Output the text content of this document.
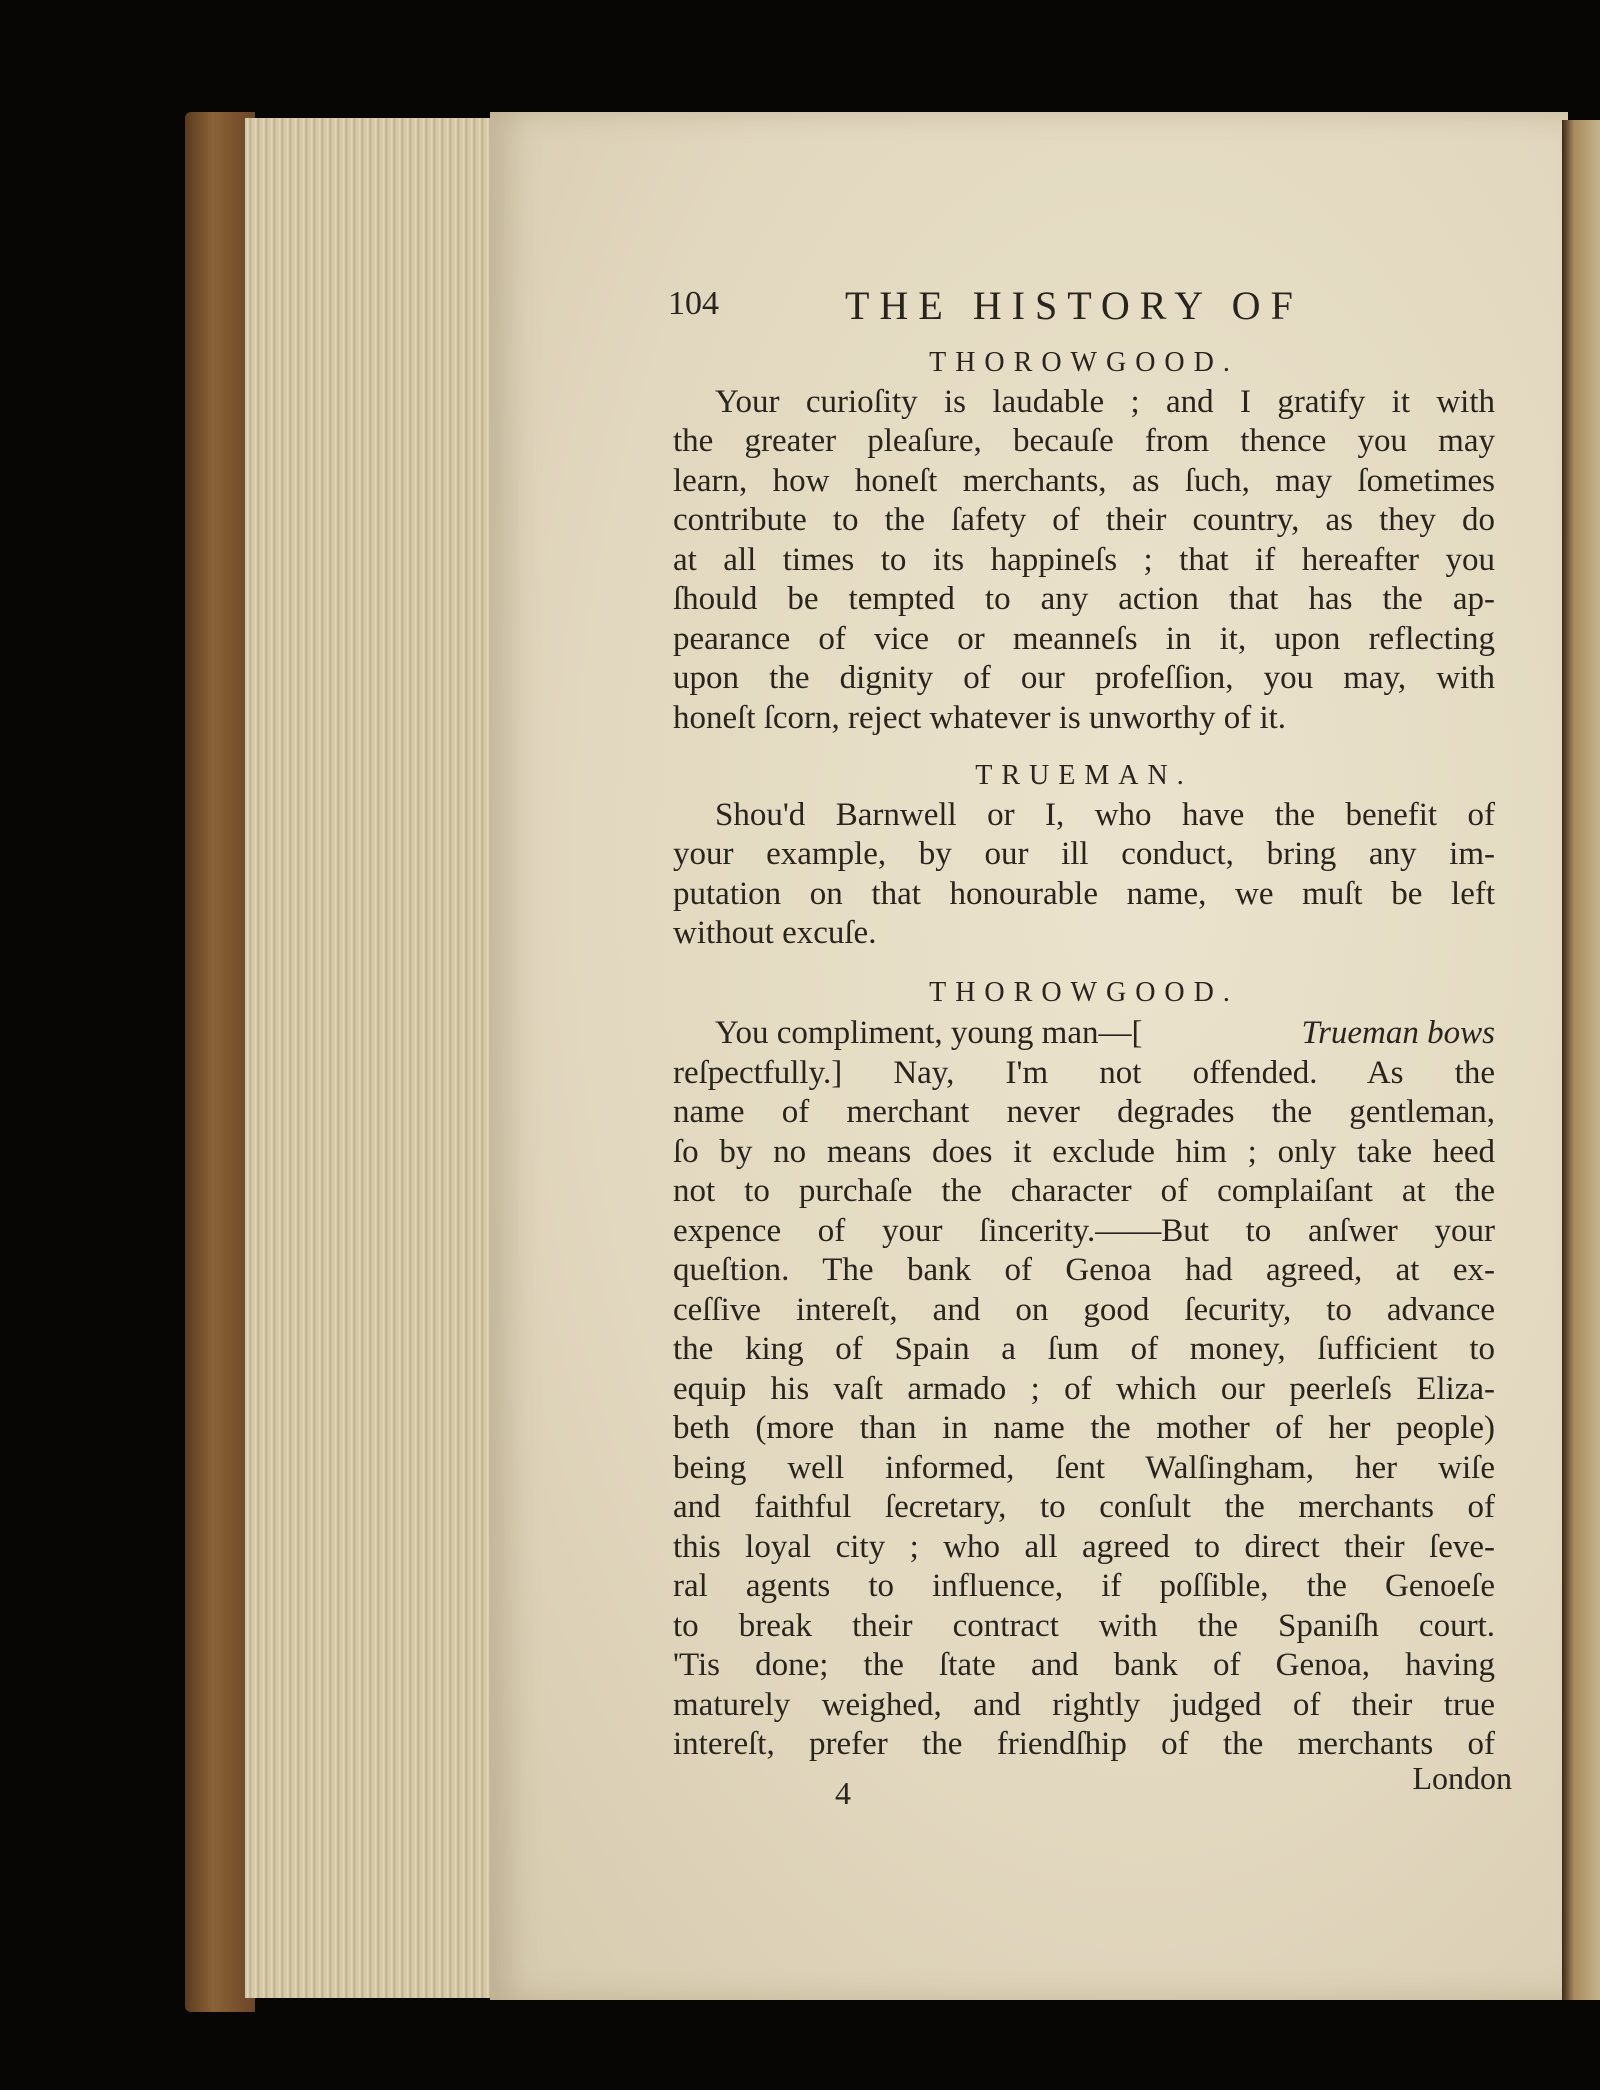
104	THE HISTORY OF
THOROWGOOD.
Your curioſity is laudable ; and I gratify it with
the greater pleaſure, becauſe from thence you may
learn, how honeſt merchants, as ſuch, may ſometimes
contribute to the ſafety of their country, as they do
at all times to its happineſs ; that if hereafter you
ſhould be tempted to any action that has the ap-
pearance of vice or meanneſs in it, upon reflecting
upon the dignity of our profeſſion, you may, with
honeſt ſcorn, reject whatever is unworthy of it.
TRUEMAN.
Shou'd Barnwell or I, who have the benefit of
your example, by our ill conduct, bring any im-
putation on that honourable name, we muſt be left
without excuſe.
THOROWGOOD.
You compliment, young man—[	Trueman bows
reſpectfully.] Nay, I'm not offended. As the
name of merchant never degrades the gentleman,
ſo by no means does it exclude him ; only take heed
not to purchaſe the character of complaiſant at the
expence of your ſincerity.——But to anſwer your
queſtion. The bank of Genoa had agreed, at ex-
ceſſive intereſt, and on good ſecurity, to advance
the king of Spain a ſum of money, ſufficient to
equip his vaſt armado ; of which our peerleſs Eliza-
beth (more than in name the mother of her people)
being well informed, ſent Walſingham, her wiſe
and faithful ſecretary, to conſult the merchants of
this loyal city ; who all agreed to direct their ſeve-
ral agents to influence, if poſſible, the Genoeſe
to break their contract with the Spaniſh court.
'Tis done; the ſtate and bank of Genoa, having
maturely weighed, and rightly judged of their true
intereſt, prefer the friendſhip of the merchants of
4	London
